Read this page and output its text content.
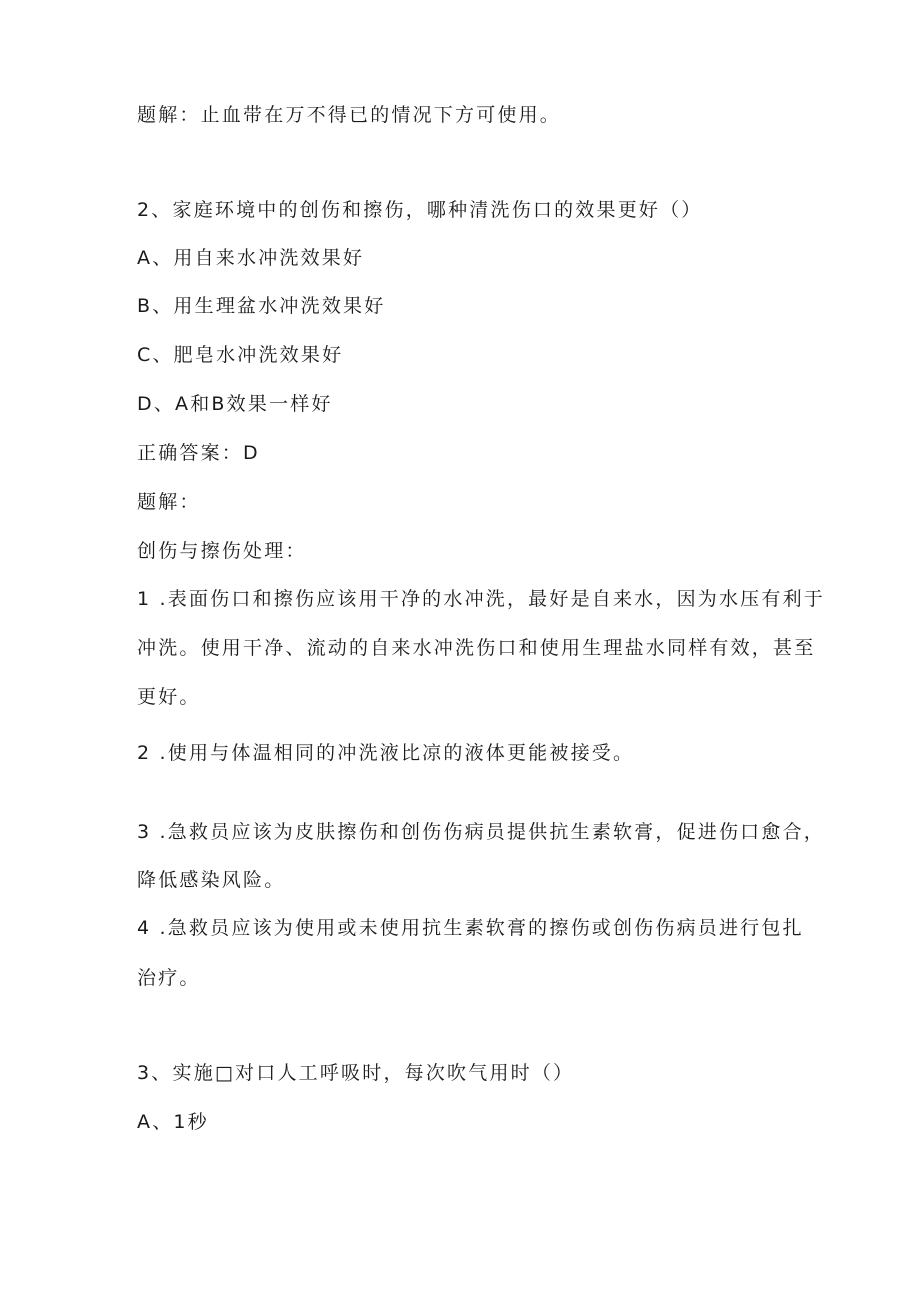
题解：止血带在万不得已的情况下方可使用。
2、家庭环境中的创伤和擦伤，哪种清洗伤口的效果更好（）
A、用自来水冲洗效果好
B、用生理盆水冲洗效果好
C、肥皂水冲洗效果好
D、A和B效果一样好
正确答案：D
题解：
创伤与擦伤处理：
1 .表面伤口和擦伤应该用干净的水冲洗，最好是自来水，因为水压有利于
冲洗。使用干净、流动的自来水冲洗伤口和使用生理盐水同样有效，甚至
更好。
2 .使用与体温相同的冲洗液比凉的液体更能被接受。
3 .急救员应该为皮肤擦伤和创伤伤病员提供抗生素软膏，促进伤口愈合，
降低感染风险。
4 .急救员应该为使用或未使用抗生素软膏的擦伤或创伤伤病员进行包扎
治疗。
3、实施□对口人工呼吸时，每次吹气用时（）
A、1秒
